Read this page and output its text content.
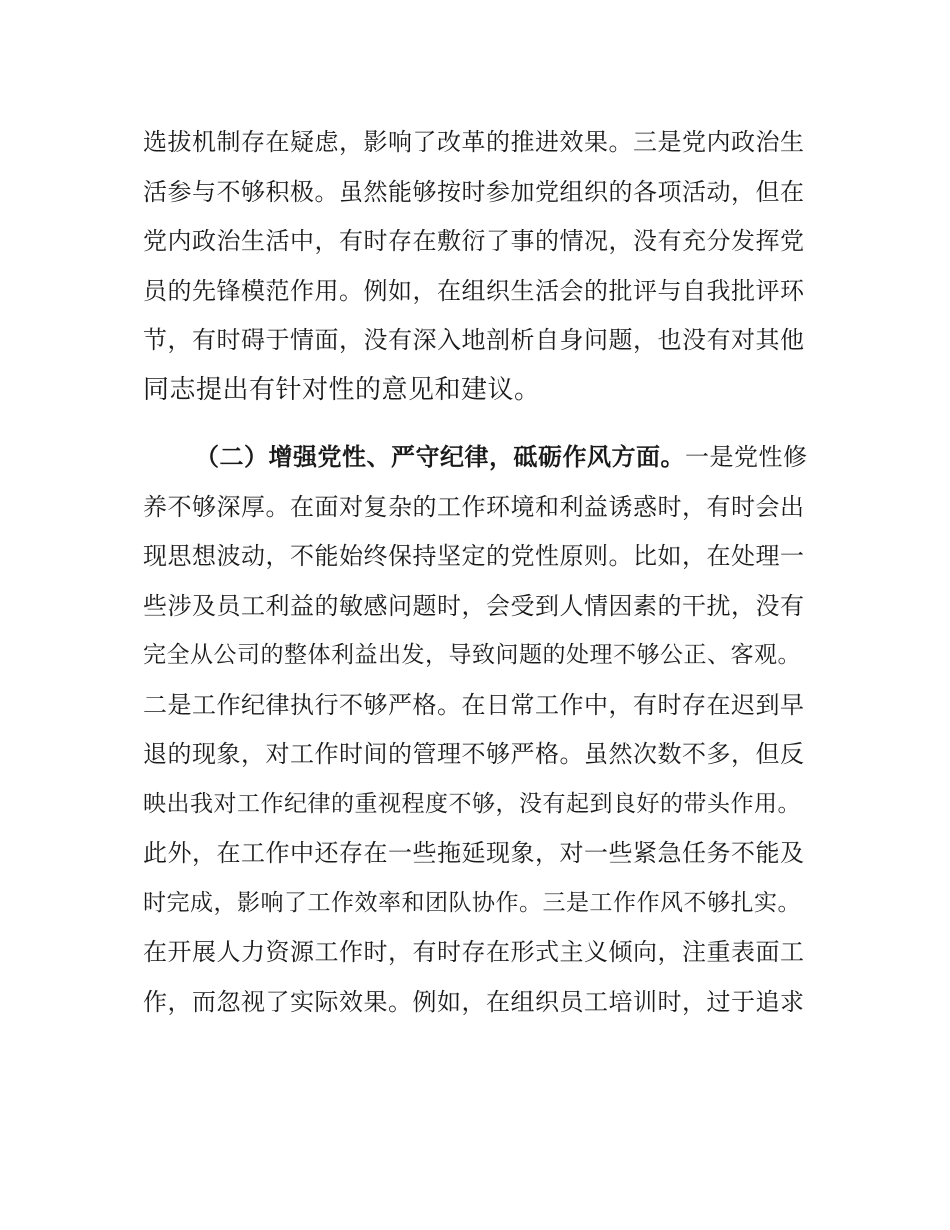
选拔机制存在疑虑，影响了改革的推进效果。三是党内政治生
活参与不够积极。虽然能够按时参加党组织的各项活动，但在
党内政治生活中，有时存在敷衍了事的情况，没有充分发挥党
员的先锋模范作用。例如，在组织生活会的批评与自我批评环
节，有时碍于情面，没有深入地剖析自身问题，也没有对其他
同志提出有针对性的意见和建议。
（二）增强党性、严守纪律，砥砺作风方面。一是党性修
养不够深厚。在面对复杂的工作环境和利益诱惑时，有时会出
现思想波动，不能始终保持坚定的党性原则。比如，在处理一
些涉及员工利益的敏感问题时，会受到人情因素的干扰，没有
完全从公司的整体利益出发，导致问题的处理不够公正、客观。
二是工作纪律执行不够严格。在日常工作中，有时存在迟到早
退的现象，对工作时间的管理不够严格。虽然次数不多，但反
映出我对工作纪律的重视程度不够，没有起到良好的带头作用。
此外，在工作中还存在一些拖延现象，对一些紧急任务不能及
时完成，影响了工作效率和团队协作。三是工作作风不够扎实。
在开展人力资源工作时，有时存在形式主义倾向，注重表面工
作，而忽视了实际效果。例如，在组织员工培训时，过于追求
